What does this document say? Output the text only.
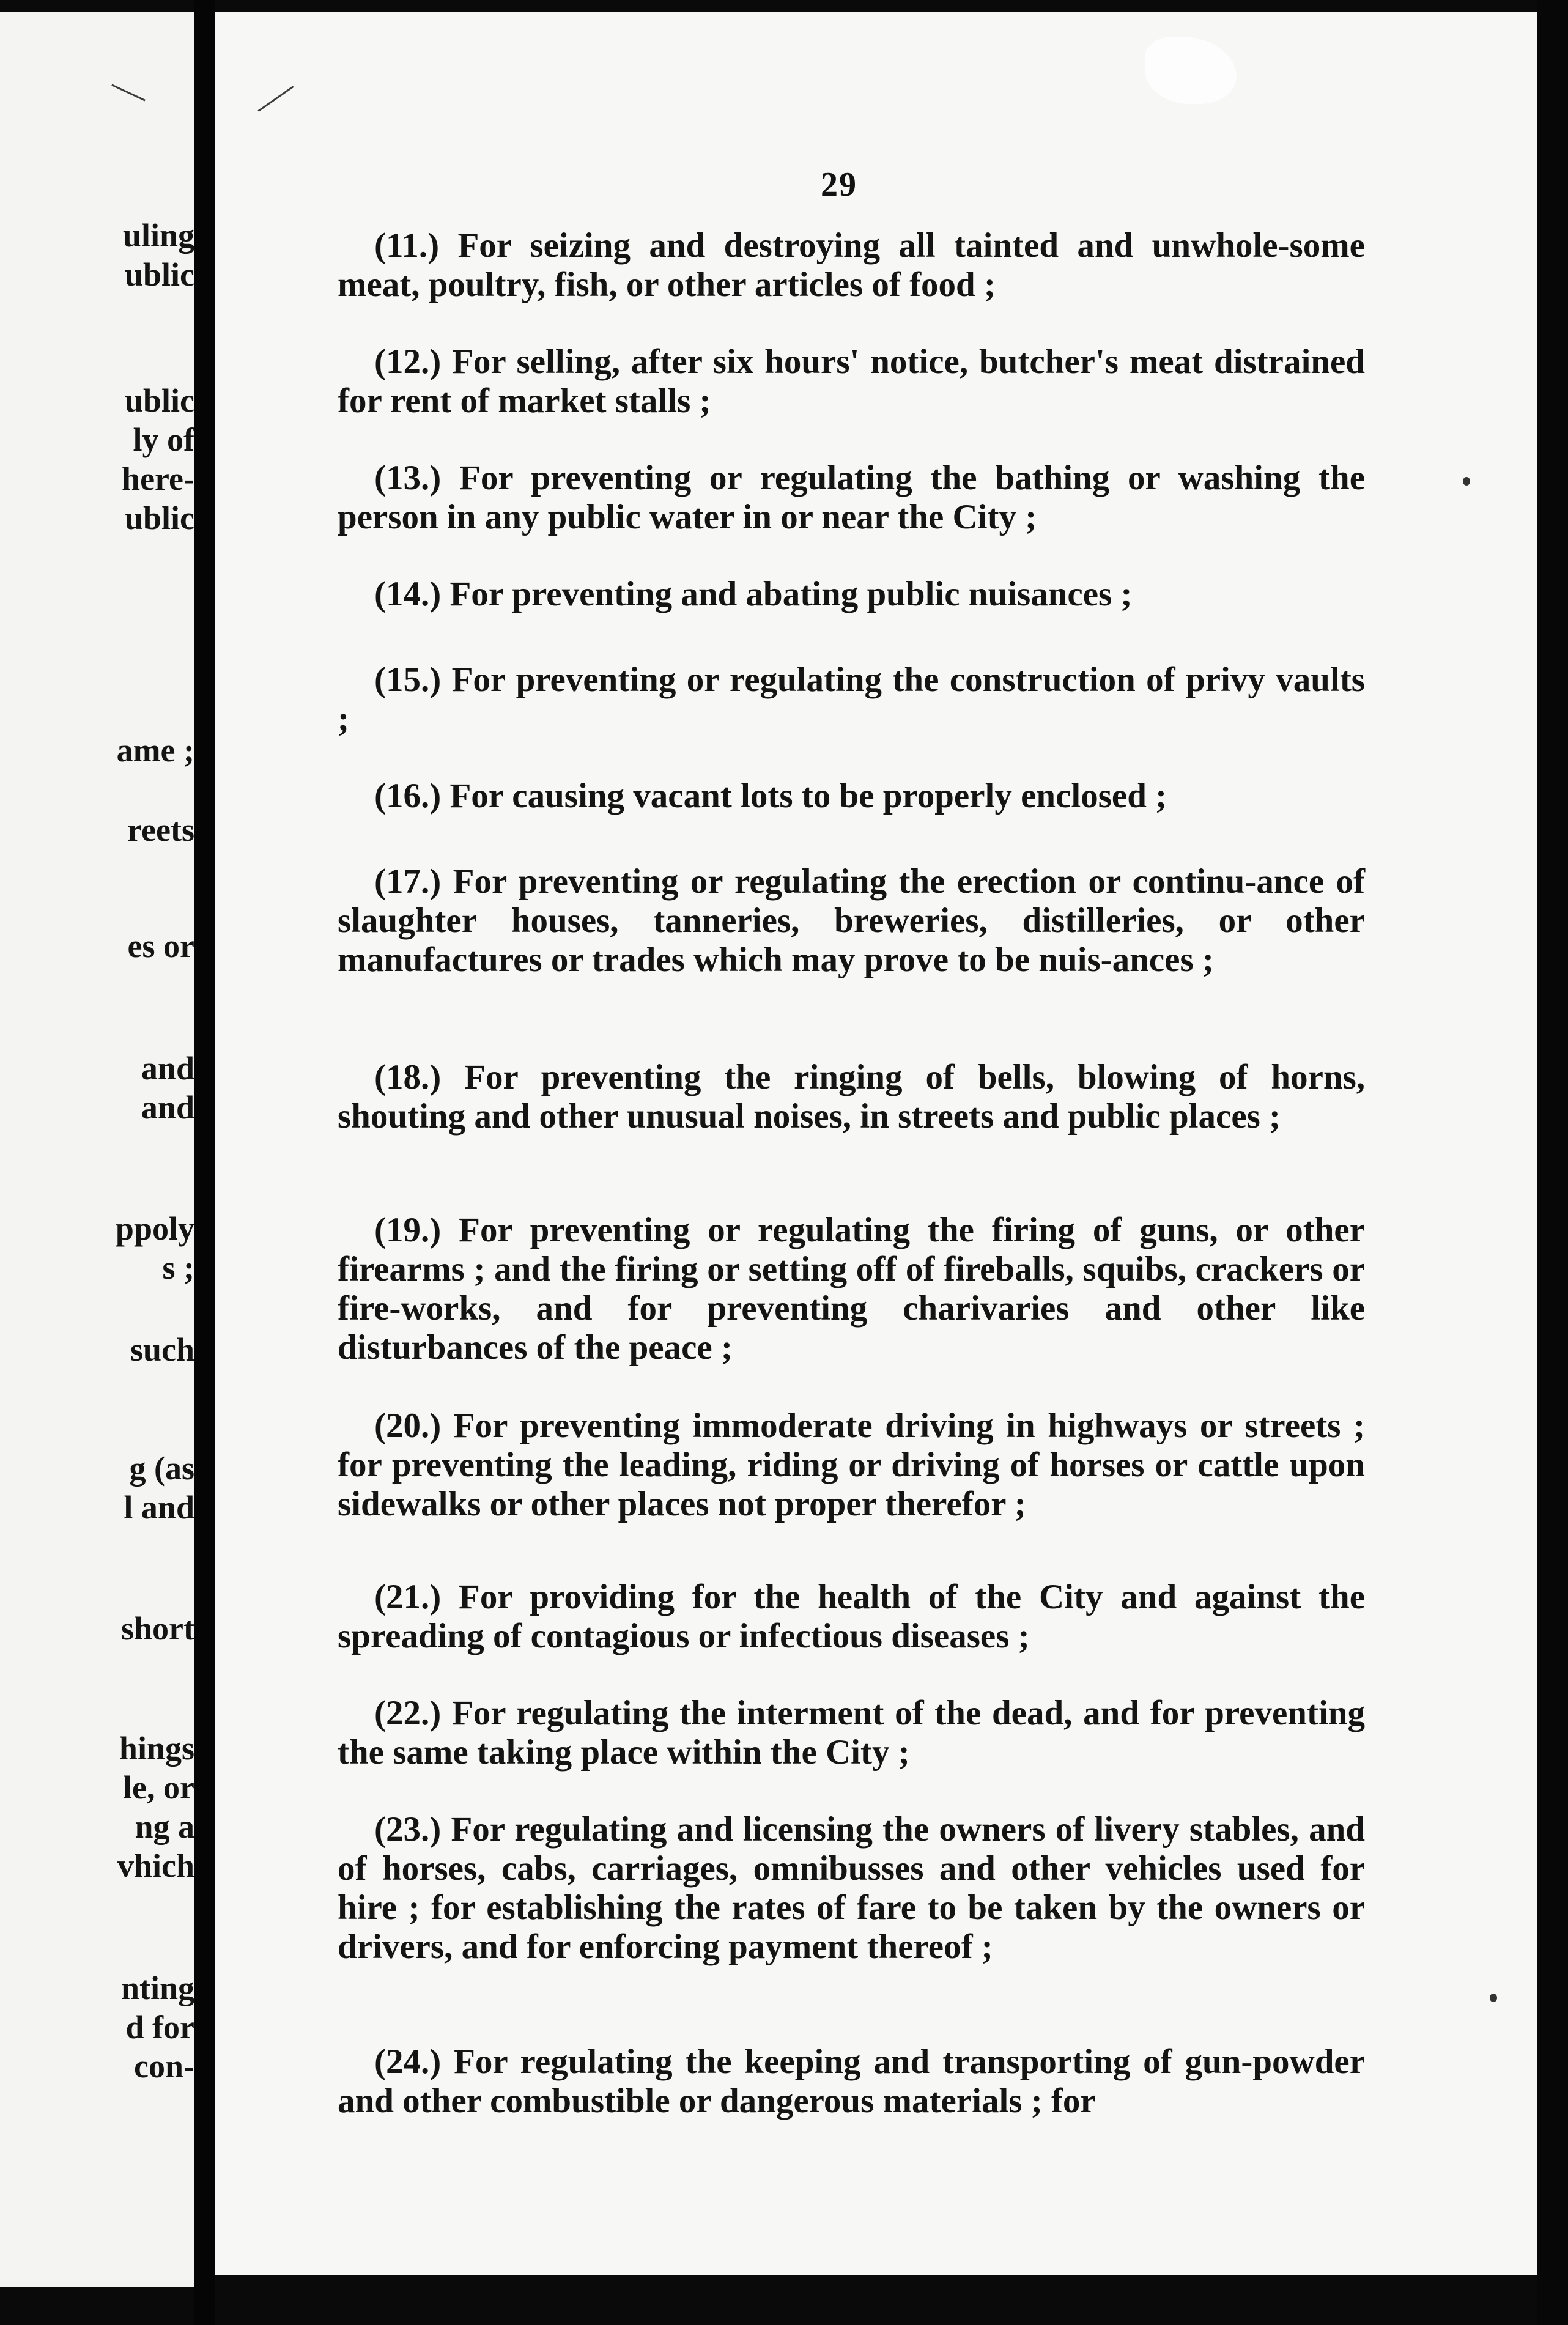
uling
ublic
ublic
ly of
here-
ublic
ame ;
reets
es or
and
and
ppoly
s ;
such
g (as
l and
short
hings
le, or
ng a
vhich
nting
d for
con-
29

(11.) For seizing and destroying all tainted and unwhole-some meat, poultry, fish, or other articles of food ;

(12.) For selling, after six hours' notice, butcher's meat distrained for rent of market stalls ;

(13.) For preventing or regulating the bathing or washing the person in any public water in or near the City ;

(14.) For preventing and abating public nuisances ;

(15.) For preventing or regulating the construction of privy vaults ;

(16.) For causing vacant lots to be properly enclosed ;

(17.) For preventing or regulating the erection or continu-ance of slaughter houses, tanneries, breweries, distilleries, or other manufactures or trades which may prove to be nuis-ances ;

(18.) For preventing the ringing of bells, blowing of horns, shouting and other unusual noises, in streets and public places ;

(19.) For preventing or regulating the firing of guns, or other firearms ; and the firing or setting off of fireballs, squibs, crackers or fire-works, and for preventing charivaries and other like disturbances of the peace ;

(20.) For preventing immoderate driving in highways or streets ; for preventing the leading, riding or driving of horses or cattle upon sidewalks or other places not proper therefor ;

(21.) For providing for the health of the City and against the spreading of contagious or infectious diseases ;

(22.) For regulating the interment of the dead, and for preventing the same taking place within the City ;

(23.) For regulating and licensing the owners of livery stables, and of horses, cabs, carriages, omnibusses and other vehicles used for hire ; for establishing the rates of fare to be taken by the owners or drivers, and for enforcing payment thereof ;

(24.) For regulating the keeping and transporting of gun-powder and other combustible or dangerous materials ; for
